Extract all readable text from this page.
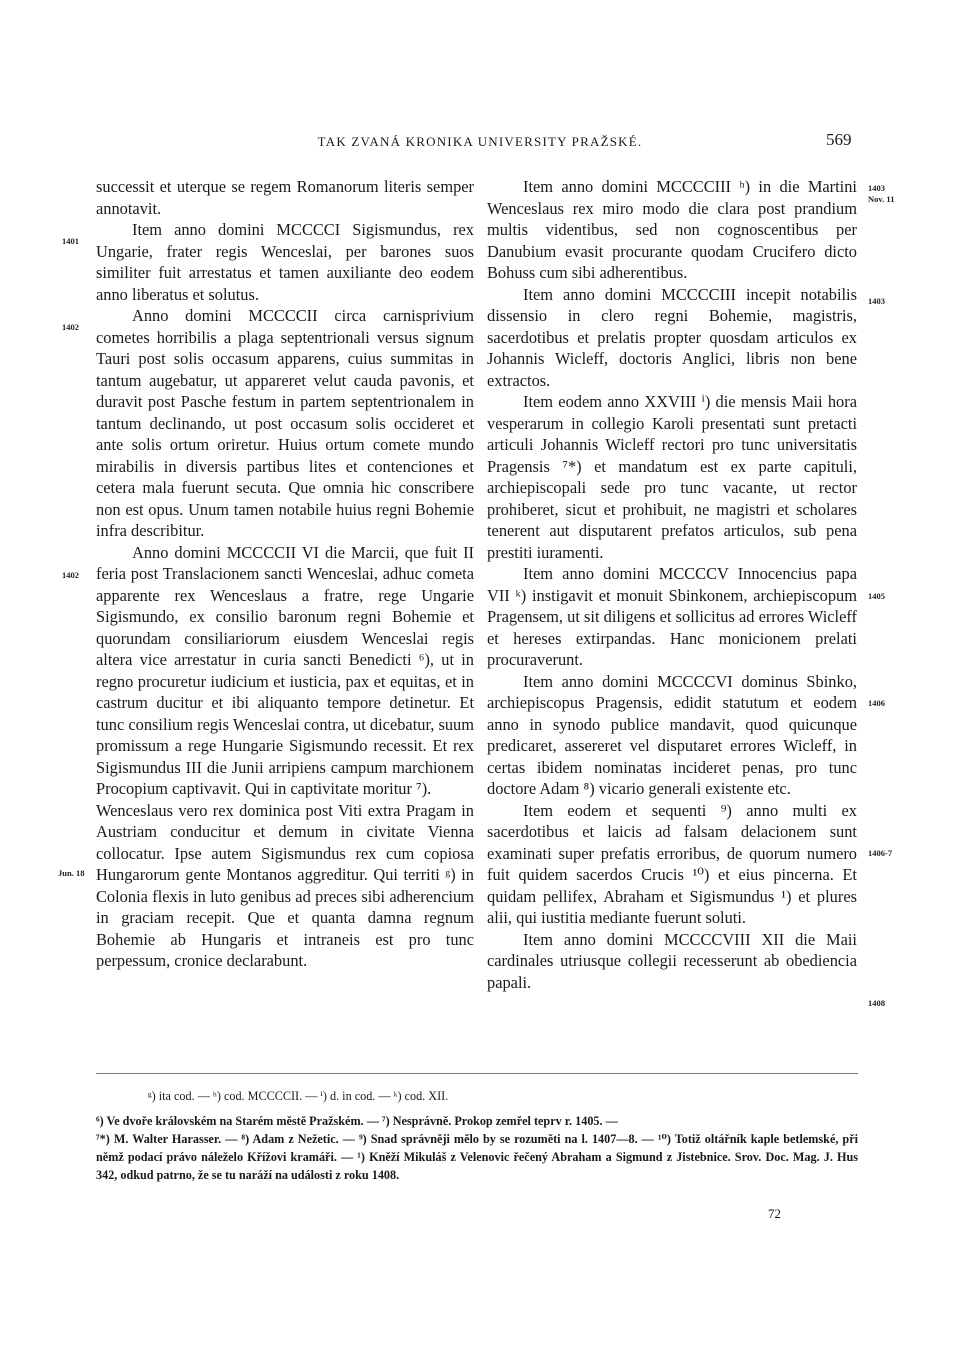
TAK ZVANÁ KRONIKA UNIVERSITY PRAŽSKÉ.	569

successit et uterque se regem Romanorum literis semper annotavit.

Item anno domini MCCCCI Sigismundus, rex Ungarie, frater regis Wenceslai, per barones suos similiter fuit arrestatus et tamen auxiliante deo eodem anno liberatus et solutus.

Anno domini MCCCCII circa carnisprivium cometes horribilis a plaga septentrionali versus signum Tauri post solis occasum apparens, cuius summitas in tantum augebatur, ut appareret velut cauda pavonis, et duravit post Pasche festum in partem septentrionalem in tantum declinando, ut post occasum solis occideret et ante solis ortum oriretur. Huius ortum comete mundo mirabilis in diversis partibus lites et contenciones et cetera mala fuerunt secuta. Que omnia hic conscribere non est opus. Unum tamen notabile huius regni Bohemie infra describitur.

Anno domini MCCCCII VI die Marcii, que fuit II feria post Translacionem sancti Wenceslai, adhuc cometa apparente rex Wenceslaus a fratre, rege Ungarie Sigismundo, ex consilio baronum regni Bohemie et quorundam consiliariorum eiusdem Wenceslai regis altera vice arrestatur in curia sancti Benedicti ⁶), ut in regno procuretur iudicium et iusticia, pax et equitas, et in castrum ducitur et ibi aliquanto tempore detinetur. Et tunc consilium regis Wenceslai contra, ut dicebatur, suum promissum a rege Hungarie Sigismundo recessit. Et rex Sigismundus III die Junii arripiens campum marchionem Procopium captivavit. Qui in captivitate moritur ⁷).

Wenceslaus vero rex dominica post Viti extra Pragam in Austriam conducitur et demum in civitate Vienna collocatur. Ipse autem Sigismundus rex cum copiosa Hungarorum gente Montanos aggreditur. Qui territi ᵍ) in Colonia flexis in luto genibus ad preces sibi adherencium in graciam recepit. Que et quanta damna regnum Bohemie ab Hungaris et intraneis est pro tunc perpessum, cronice declarabunt.

Item anno domini MCCCCIII ʰ) in die Martini Wenceslaus rex miro modo die clara post prandium multis videntibus, sed non cognoscentibus per Danubium evasit procurante quodam Crucifero dicto Bohuss cum sibi adherentibus.

Item anno domini MCCCCIII incepit notabilis dissensio in clero regni Bohemie, magistris, sacerdotibus et prelatis propter quosdam articulos ex Johannis Wicleff, doctoris Anglici, libris non bene extractos.

Item eodem anno XXVIII ⁱ) die mensis Maii hora vesperarum in collegio Karoli presentati sunt pretacti articuli Johannis Wicleff rectori pro tunc universitatis Pragensis ⁷*) et mandatum est ex parte capituli, archiepiscopali sede pro tunc vacante, ut rector prohiberet, sicut et prohibuit, ne magistri et scholares tenerent aut disputarent prefatos articulos, sub pena prestiti iuramenti.

Item anno domini MCCCCV Innocencius papa VII ᵏ) instigavit et monuit Sbinkonem, archiepiscopum Pragensem, ut sit diligens et sollicitus ad errores Wicleff et hereses extirpandas. Hanc monicionem prelati procuraverunt.

Item anno domini MCCCCVI dominus Sbinko, archiepiscopus Pragensis, edidit statutum et eodem anno in synodo publice mandavit, quod quicunque predicaret, assereret vel disputaret errores Wicleff, in certas ibidem nominatas incideret penas, pro tunc doctore Adam ⁸) vicario generali existente etc.

Item eodem et sequenti ⁹) anno multi ex sacerdotibus et laicis ad falsam delacionem sunt examinati super prefatis erroribus, de quorum numero fuit quidem sacerdos Crucis ¹⁰) et eius pincerna. Et quidam pellifex, Abraham et Sigismundus ¹) et plures alii, qui iustitia mediante fuerunt soluti.

Item anno domini MCCCCVIII XII die Maii cardinales utriusque collegii recesserunt ab obediencia papali.

1401
1402
1402
Jun. 18
1403
Nov. 11
1403
1405
1406
1406-7
1408
ᵍ) ita cod. — ʰ) cod. MCCCCII. — ⁱ) d. in cod. — ᵏ) cod. XII.

⁶) Ve dvoře královském na Starém městě Pražském. — ⁷) Nesprávně. Prokop zemřel teprv r. 1405. —

⁷*) M. Walter Harasser. — ⁸) Adam z Nežetic. — ⁹) Snad správněji mělo by se rozuměti na l. 1407—8. — ¹⁰) Totiž oltářník kaple betlemské, při němž podací právo náleželo Křížovi kramáři. — ¹) Kněží Mikuláš z Velenovic řečený Abraham a Sigmund z Jistebnice. Srov. Doc. Mag. J. Hus 342, odkud patrno, že se tu naráží na události z roku 1408.

72
